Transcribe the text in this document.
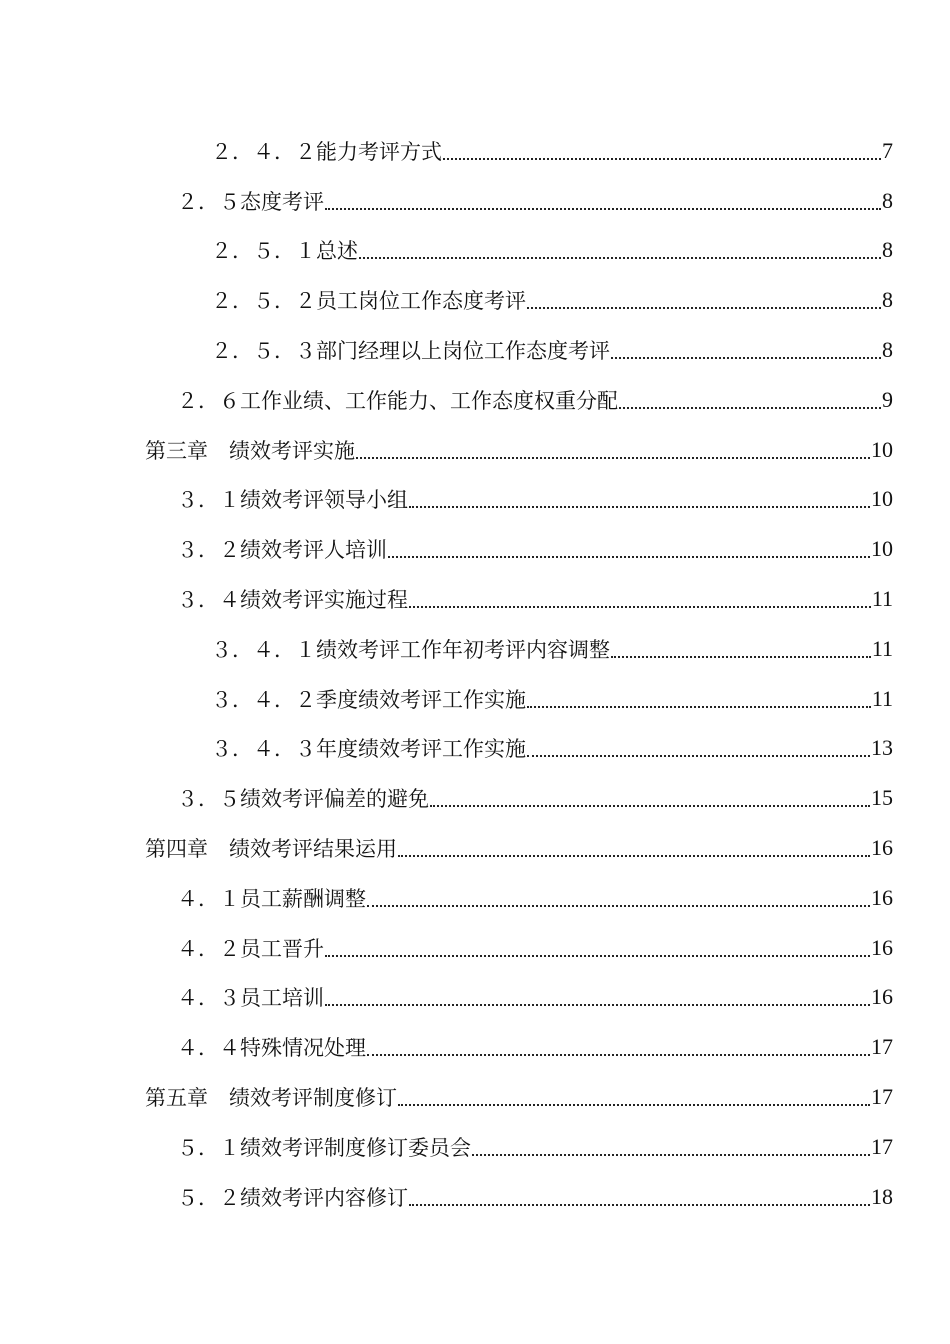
２．４．２能力考评方式	7
２．５态度考评	8
２．５．１总述	8
２．５．２员工岗位工作态度考评	8
２．５．３部门经理以上岗位工作态度考评	8
２．６工作业绩、工作能力、工作态度权重分配	9
第三章　绩效考评实施	10
３．１绩效考评领导小组	10
３．２绩效考评人培训	10
３．４绩效考评实施过程	11
３．４．１绩效考评工作年初考评内容调整	11
３．４．２季度绩效考评工作实施	11
３．４．３年度绩效考评工作实施	13
３．５绩效考评偏差的避免	15
第四章　绩效考评结果运用	16
４．１员工薪酬调整	16
４．２员工晋升	16
４．３员工培训	16
４．４特殊情况处理	17
第五章　绩效考评制度修订	17
５．１绩效考评制度修订委员会	17
５．２绩效考评内容修订	18
